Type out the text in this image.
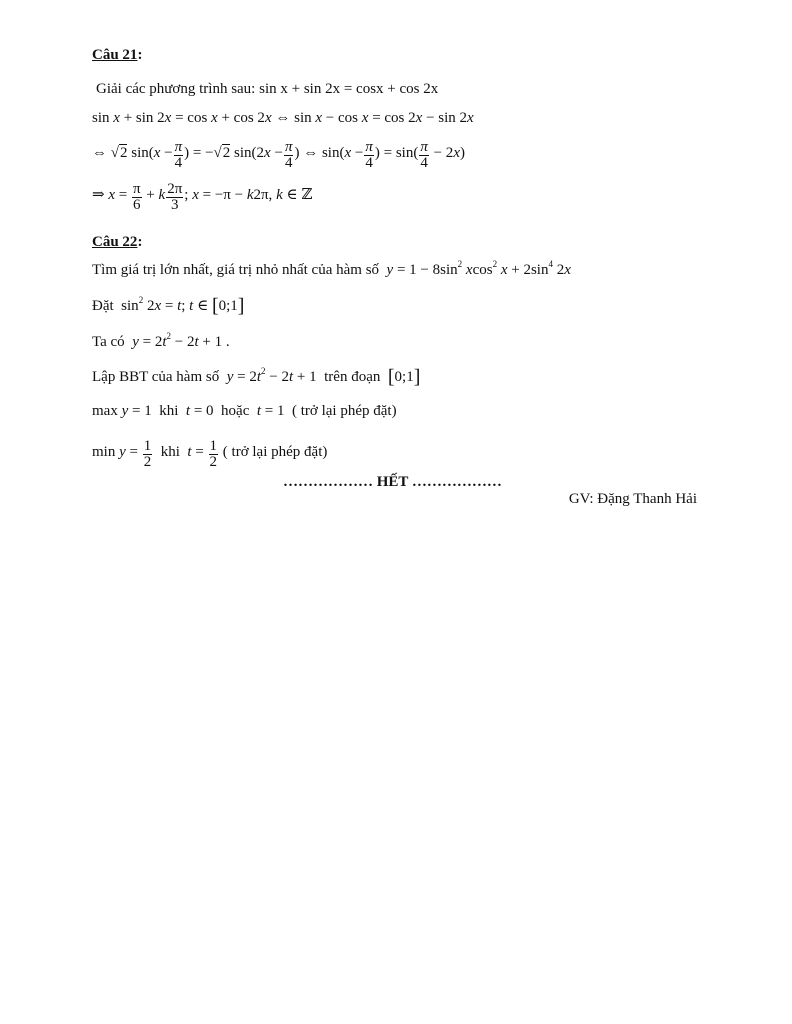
Câu 21:
Giải các phương trình sau: sin x + sin 2x = cosx + cos 2x
sin x + sin 2x = cos x + cos 2x ⇔ sin x − cos x = cos 2x − sin 2x
⇔ √2 $\sin(x - \frac{\pi}{4}$ ) = −√2 $\sin(2x - \frac{\pi}{4}$ ) ⇔ $\sin(x - \frac{\pi}{4}$ ) = $\sin( \frac{\pi}{4} - 2x)$
⇒ $x = \frac{\pi}{6} + k \frac{2\pi}{3}$ ; x = −π − k2π, k ∈ ℤ
Câu 22:
Tìm giá trị lớn nhất, giá trị nhỏ nhất của hàm số $y = 1 - 8\sin^2$ xcos$^2$ $x + 2\sin^4$ 2x
Đặt  $\sin^2 2x = t$; t ∈ [0;1]
Ta có $y = 2t^2 - 2t + 1$ .
Lập BBT của hàm số $y = 2t^2 - 2t + 1$  trên đoạn [0;1]
max y = 1  khi t = 0  hoặc t = 1  ( trở lại phép đặt)
$\min y = \frac{1}{2}$ khi $t = \frac{1}{2}$ ( trở lại phép đặt)
……………… HẾT ………………
GV: Đặng Thanh Hải
